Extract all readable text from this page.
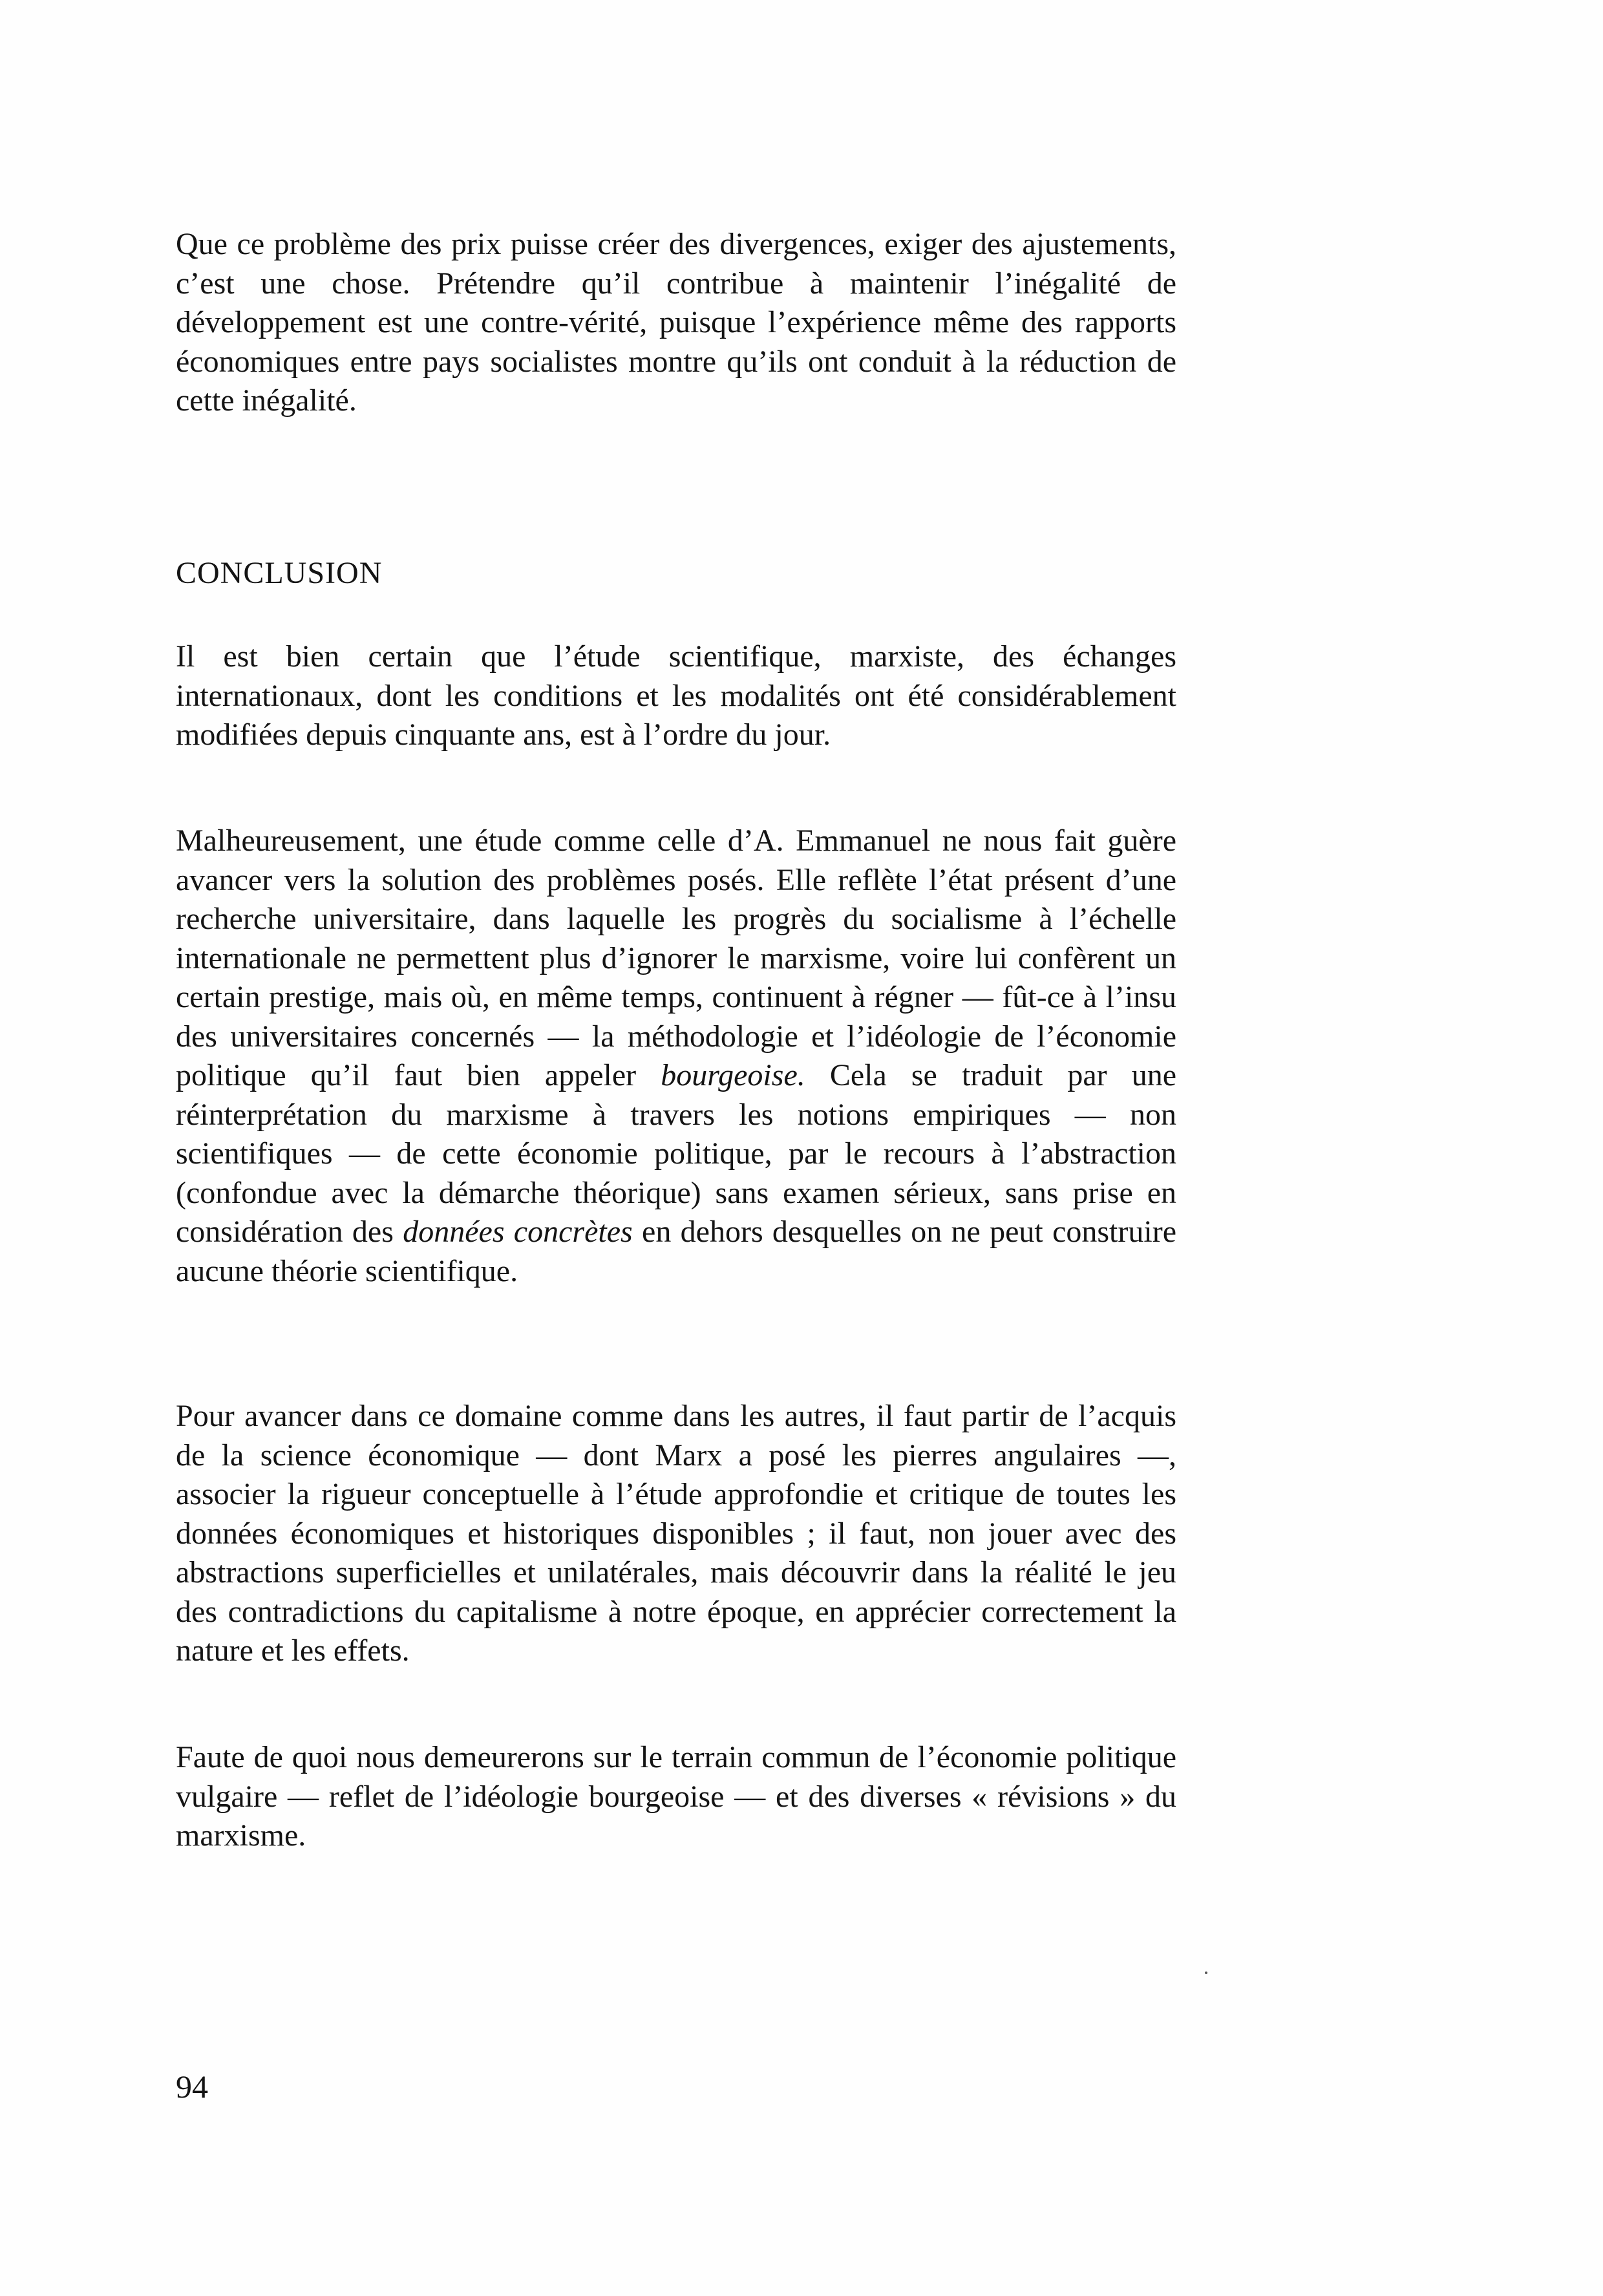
Que ce problème des prix puisse créer des divergences, exiger des ajustements, c’est une chose. Prétendre qu’il contribue à maintenir l’inégalité de développement est une contre-vérité, puisque l’expérience même des rapports économiques entre pays socialistes montre qu’ils ont conduit à la réduction de cette inégalité.

CONCLUSION

Il est bien certain que l’étude scientifique, marxiste, des échanges internationaux, dont les conditions et les modalités ont été considérablement modifiées depuis cinquante ans, est à l’ordre du jour.

Malheureusement, une étude comme celle d’A. Emmanuel ne nous fait guère avancer vers la solution des problèmes posés. Elle reflète l’état présent d’une recherche universitaire, dans laquelle les progrès du socialisme à l’échelle internationale ne permettent plus d’ignorer le marxisme, voire lui confèrent un certain prestige, mais où, en même temps, continuent à régner — fût-ce à l’insu des universitaires concernés — la méthodologie et l’idéologie de l’économie politique qu’il faut bien appeler bourgeoise. Cela se traduit par une réinterprétation du marxisme à travers les notions empiriques — non scientifiques — de cette économie politique, par le recours à l’abstraction (confondue avec la démarche théorique) sans examen sérieux, sans prise en considération des données concrètes en dehors desquelles on ne peut construire aucune théorie scientifique.

Pour avancer dans ce domaine comme dans les autres, il faut partir de l’acquis de la science économique — dont Marx a posé les pierres angulaires —, associer la rigueur conceptuelle à l’étude approfondie et critique de toutes les données économiques et historiques disponibles ; il faut, non jouer avec des abstractions superficielles et unilatérales, mais découvrir dans la réalité le jeu des contradictions du capitalisme à notre époque, en apprécier correctement la nature et les effets.

Faute de quoi nous demeurerons sur le terrain commun de l’économie politique vulgaire — reflet de l’idéologie bourgeoise — et des diverses « révisions » du marxisme.

94
